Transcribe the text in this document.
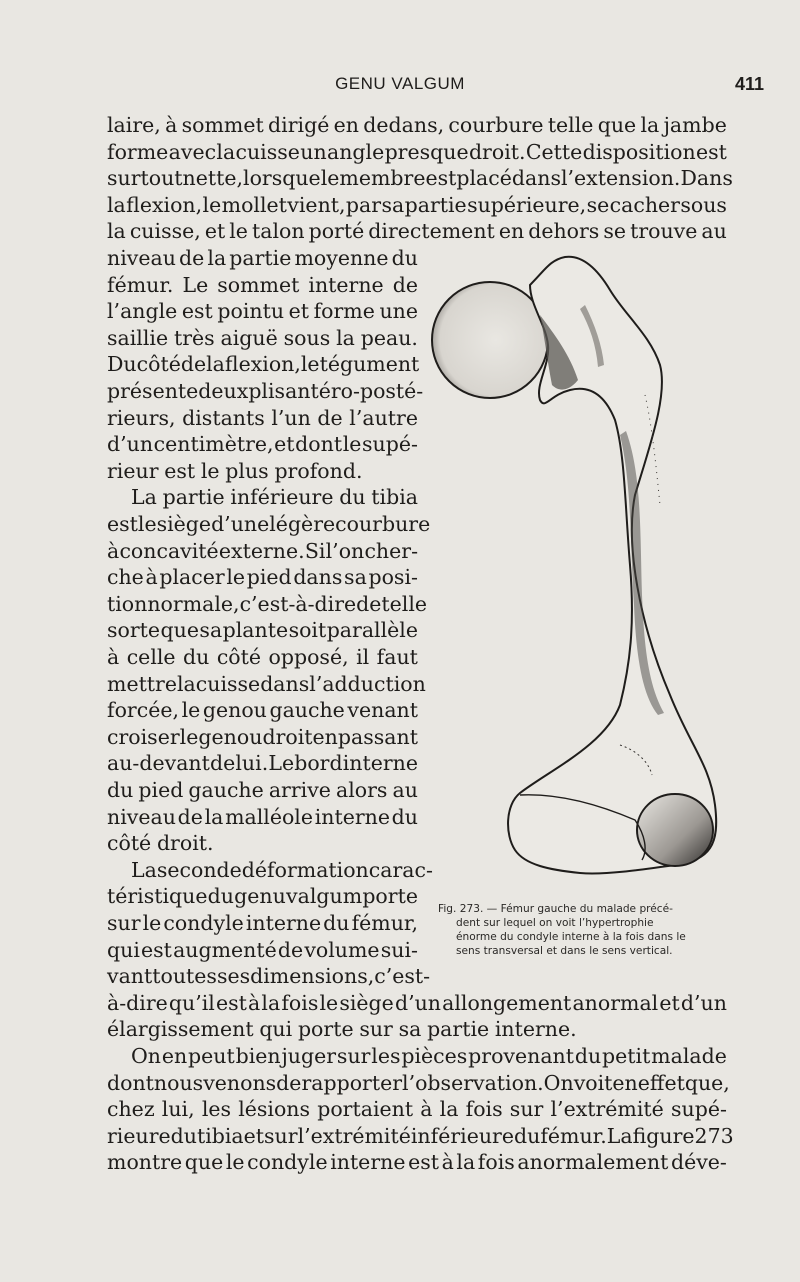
GENU VALGUM	411
laire, à sommet dirigé en dedans, courbure telle que la jambe
forme avec la cuisse un angle presque droit. Cette disposition est
surtout nette, lorsque le membre est placé dans l’extension. Dans
la flexion, le mollet vient, par sa partie supérieure, se cacher sous
la cuisse, et le talon porté directement en dehors se trouve au
niveau de la partie moyenne du
fémur. Le sommet interne de
l’angle est pointu et forme une
saillie très aiguë sous la peau.
Du côté de la flexion, le tégument
présente deux plis antéro-posté-
rieurs, distants l’un de l’autre
d’un centimètre, et dont le supé-
rieur est le plus profond.
La partie inférieure du tibia
est le siège d’une légère courbure
à concavité externe. Si l’on cher-
che à placer le pied dans sa posi-
tion normale, c’est-à-dire de telle
sorte que sa plante soit parallèle
à celle du côté opposé, il faut
mettre la cuisse dans l’adduction
forcée, le genou gauche venant
croiser le genou droit en passant
au-devant de lui. Le bord interne
du pied gauche arrive alors au
niveau de la malléole interne du
côté droit.
La seconde déformation carac-
téristique du genu valgum porte
sur le condyle interne du fémur,
qui est augmenté de volume sui-
vant toutes ses dimensions, c’est-
à-dire qu’il est à la fois le siège d’un allongement anormal et d’un
élargissement qui porte sur sa partie interne.
On en peut bien juger sur les pièces provenant du petit malade
dont nous venons de rapporter l’observation. On voit en effet que,
chez lui, les lésions portaient à la fois sur l’extrémité supé-
rieure du tibia et sur l’extrémité inférieure du fémur. La figure 273
montre que le condyle interne est à la fois anormalement déve-

Fig. 273. — Fémur gauche du malade précé-

dent sur lequel on voit l’hypertrophie

énorme du condyle interne à la fois dans le

sens transversal et dans le sens vertical.
